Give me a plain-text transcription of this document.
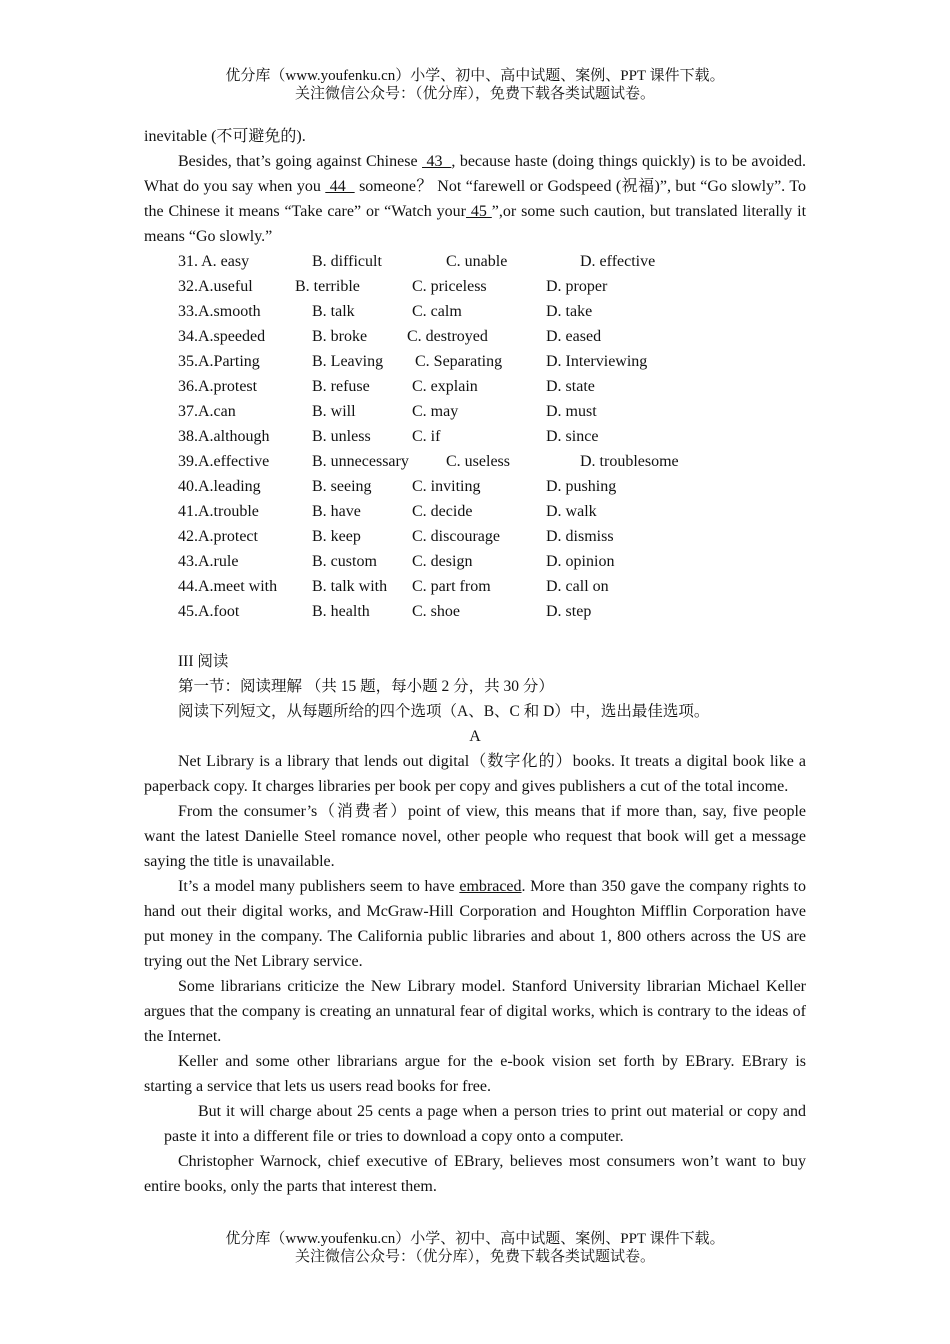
优分库（www.youfenku.cn）小学、初中、高中试题、案例、PPT 课件下载。
关注微信公众号：（优分库），免费下载各类试题试卷。
inevitable (不可避免的).

Besides, that’s going against Chinese  43  , because haste (doing things quickly) is to be avoided. What do you say when you  44   someone？ Not “farewell or Godspeed (祝福)”, but “Go slowly”. To the Chinese it means “Take care” or “Watch your 45 ”,or some such caution, but translated literally it means “Go slowly.”

31. A. easy	B. difficult	C. unable	D. effective
32.A.useful	B. terrible	C. priceless	D. proper
33.A.smooth	B. talk	C. calm	D. take
34.A.speeded	B. broke C. destroyed	D. eased
35.A.Parting	B. Leaving C. Separating	D. Interviewing
36.A.protest	B. refuse	C. explain	D. state
37.A.can	B. will	C. may	D. must
38.A.although	B. unless	C. if	D. since
39.A.effective	B. unnecessary C. useless	D. troublesome
40.A.leading	B. seeing	C. inviting	D. pushing
41.A.trouble	B. have	C. decide	D. walk
42.A.protect	B. keep	C. discourage	D. dismiss
43.A.rule	B. custom C. design	D. opinion
44.A.meet with B. talk with C. part from	D. call on
45.A.foot	B. health	C. shoe	D. step
III 阅读
第一节：阅读理解 （共 15 题，每小题 2 分，共 30 分）
阅读下列短文，从每题所给的四个选项（A、B、C 和 D）中，选出最佳选项。
A

Net Library is a library that lends out digital（数字化的）books. It treats a digital book like a paperback copy. It charges libraries per book per copy and gives publishers a cut of the total income.

From the consumer’s（消费者）point of view, this means that if more than, say, five people want the latest Danielle Steel romance novel, other people who request that book will get a message saying the title is unavailable.

It’s a model many publishers seem to have embraced. More than 350 gave the company rights to hand out their digital works, and McGraw-Hill Corporation and Houghton Mifflin Corporation have put money in the company. The California public libraries and about 1, 800 others across the US are trying out the Net Library service.

Some librarians criticize the New Library model. Stanford University librarian Michael Keller argues that the company is creating an unnatural fear of digital works, which is contrary to the ideas of the Internet.

Keller and some other librarians argue for the e-book vision set forth by EBrary. EBrary is starting a service that lets us users read books for free.

But it will charge about 25 cents a page when a person tries to print out material or copy and paste it into a different file or tries to download a copy onto a computer.

Christopher Warnock, chief executive of EBrary, believes most consumers won’t want to buy entire books, only the parts that interest them.

优分库（www.youfenku.cn）小学、初中、高中试题、案例、PPT 课件下载。
关注微信公众号：（优分库），免费下载各类试题试卷。
